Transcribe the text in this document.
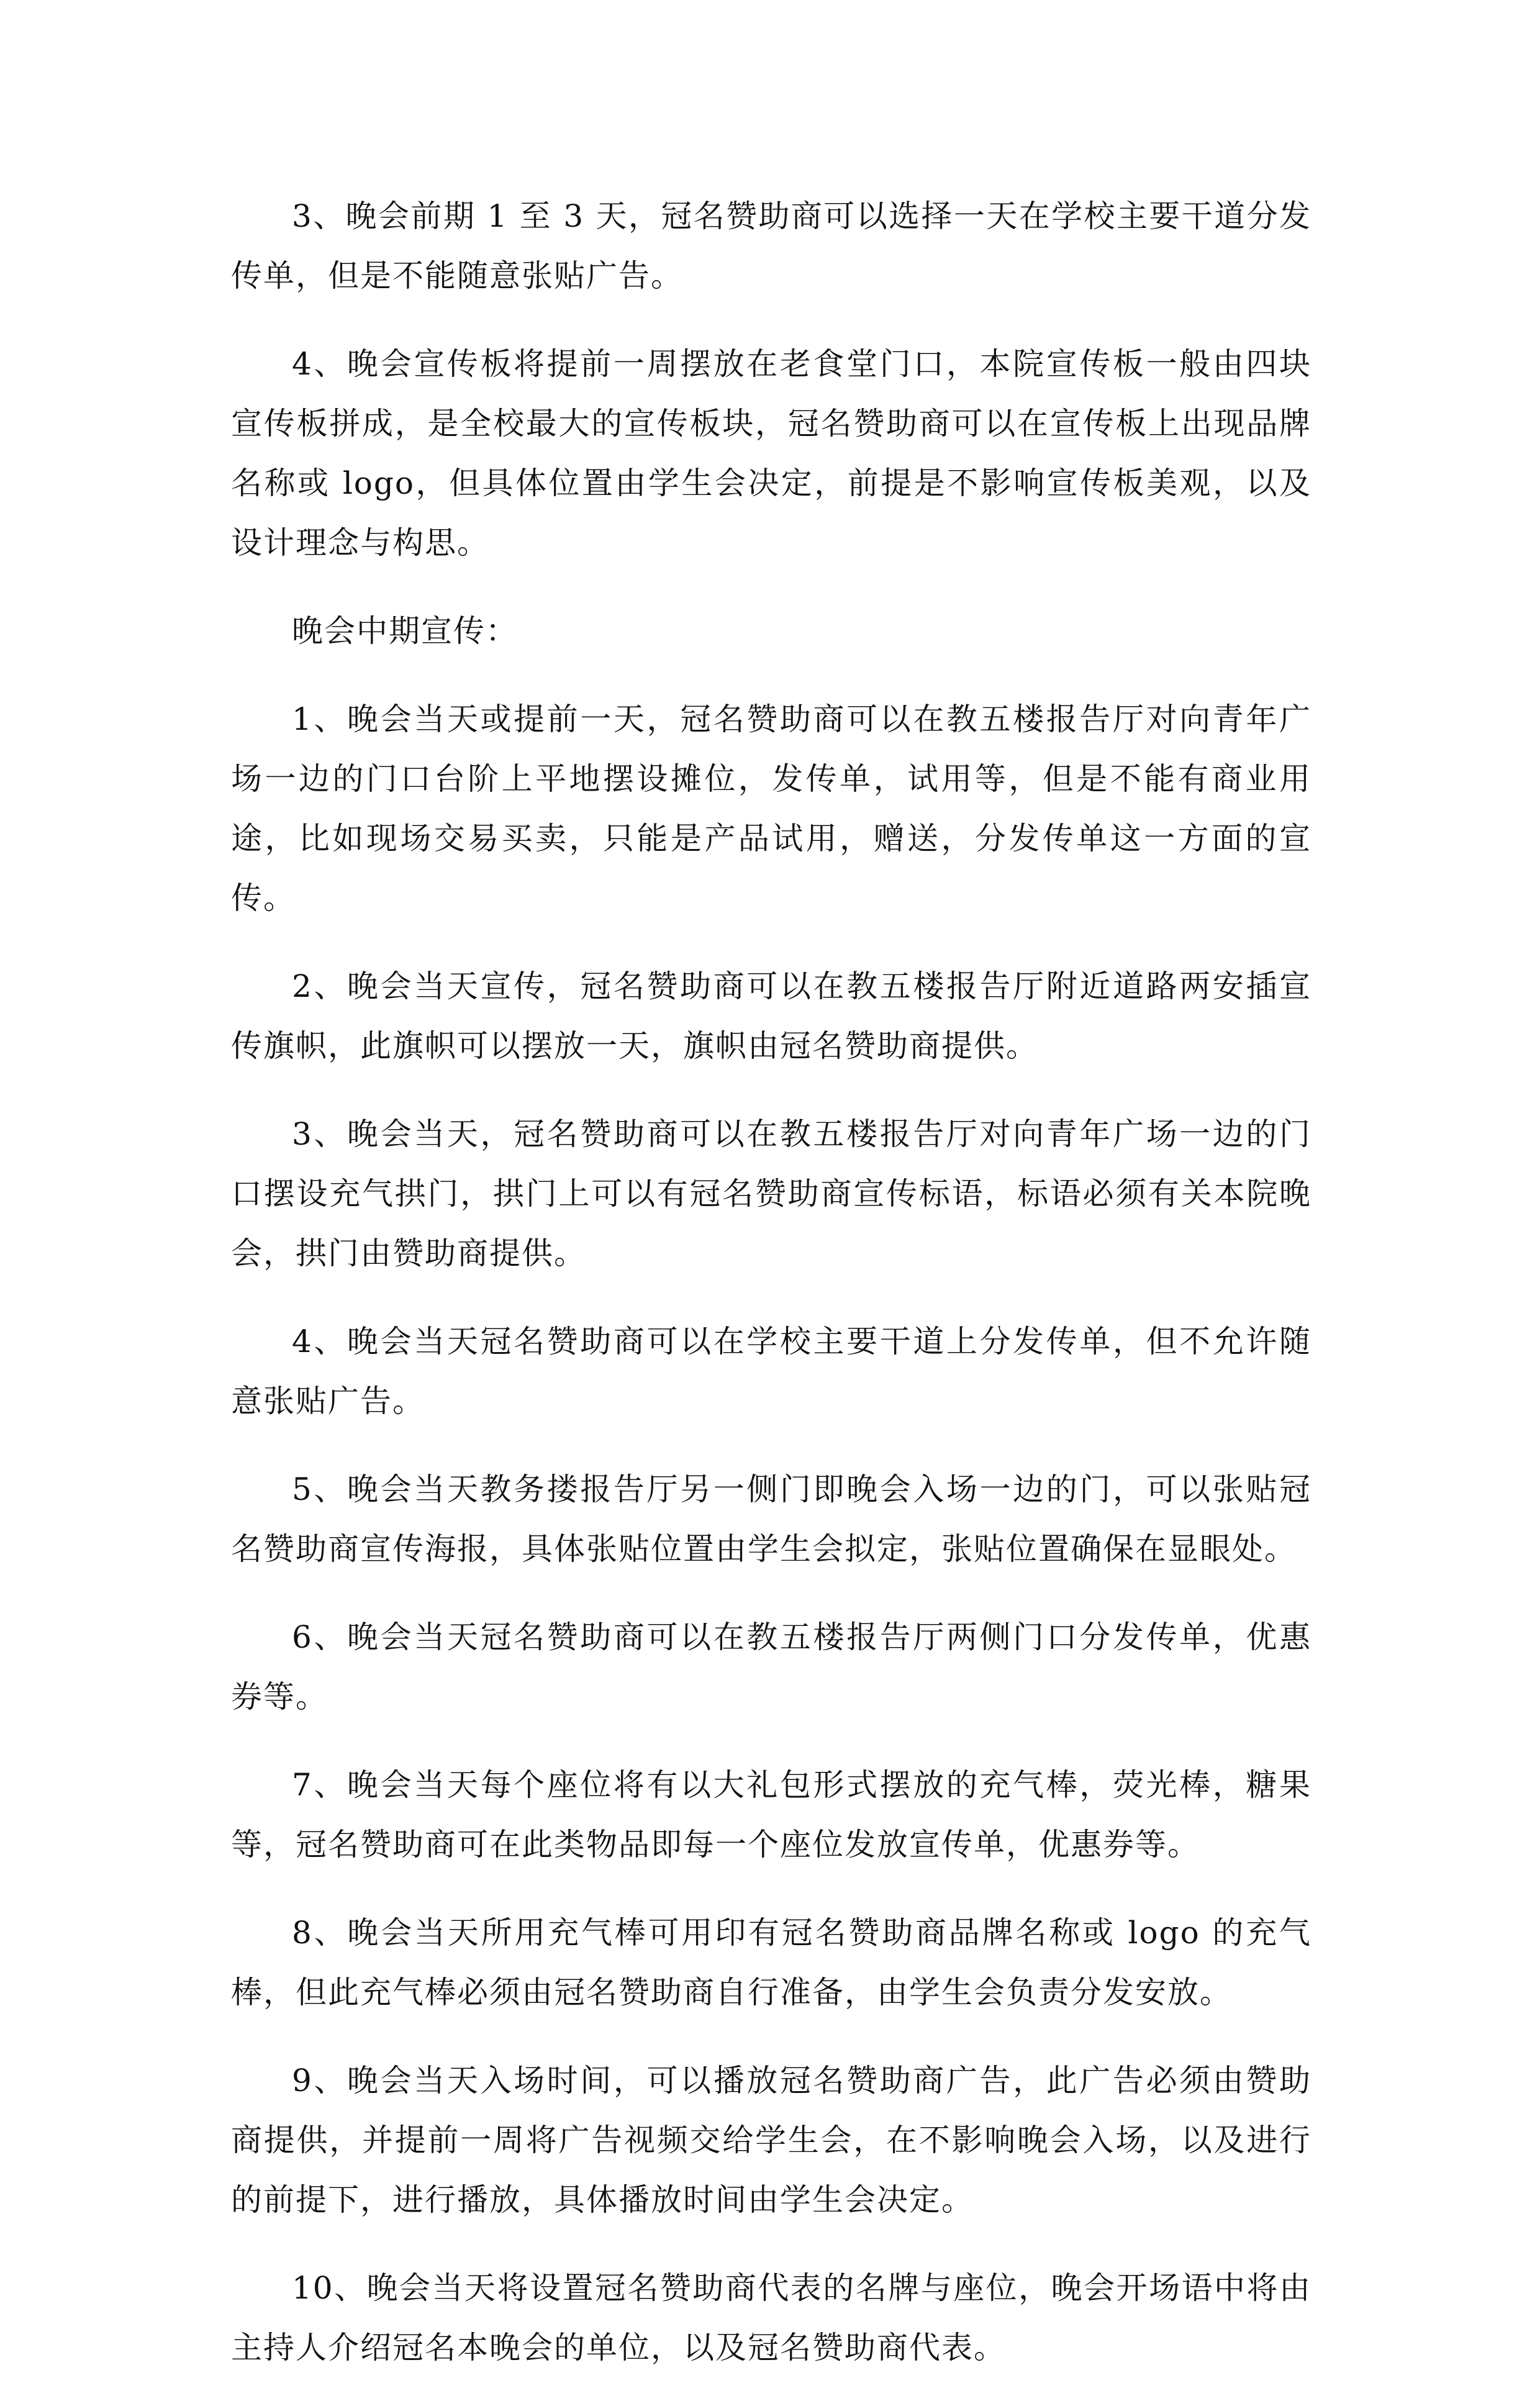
3、晚会前期 1 至 3 天，冠名赞助商可以选择一天在学校主要干道分发传单，但是不能随意张贴广告。

4、晚会宣传板将提前一周摆放在老食堂门口，本院宣传板一般由四块宣传板拼成，是全校最大的宣传板块，冠名赞助商可以在宣传板上出现品牌名称或 logo，但具体位置由学生会决定，前提是不影响宣传板美观，以及设计理念与构思。

晚会中期宣传：

1、晚会当天或提前一天，冠名赞助商可以在教五楼报告厅对向青年广场一边的门口台阶上平地摆设摊位，发传单，试用等，但是不能有商业用途，比如现场交易买卖，只能是产品试用，赠送，分发传单这一方面的宣传。

2、晚会当天宣传，冠名赞助商可以在教五楼报告厅附近道路两安插宣传旗帜，此旗帜可以摆放一天，旗帜由冠名赞助商提供。

3、晚会当天，冠名赞助商可以在教五楼报告厅对向青年广场一边的门口摆设充气拱门，拱门上可以有冠名赞助商宣传标语，标语必须有关本院晚会，拱门由赞助商提供。

4、晚会当天冠名赞助商可以在学校主要干道上分发传单，但不允许随意张贴广告。

5、晚会当天教务搂报告厅另一侧门即晚会入场一边的门，可以张贴冠名赞助商宣传海报，具体张贴位置由学生会拟定，张贴位置确保在显眼处。

6、晚会当天冠名赞助商可以在教五楼报告厅两侧门口分发传单，优惠券等。

7、晚会当天每个座位将有以大礼包形式摆放的充气棒，荧光棒，糖果等，冠名赞助商可在此类物品即每一个座位发放宣传单，优惠券等。

8、晚会当天所用充气棒可用印有冠名赞助商品牌名称或 logo 的充气棒，但此充气棒必须由冠名赞助商自行准备，由学生会负责分发安放。

9、晚会当天入场时间，可以播放冠名赞助商广告，此广告必须由赞助商提供，并提前一周将广告视频交给学生会，在不影响晚会入场，以及进行的前提下，进行播放，具体播放时间由学生会决定。

10、晚会当天将设置冠名赞助商代表的名牌与座位，晚会开场语中将由主持人介绍冠名本晚会的单位，以及冠名赞助商代表。
